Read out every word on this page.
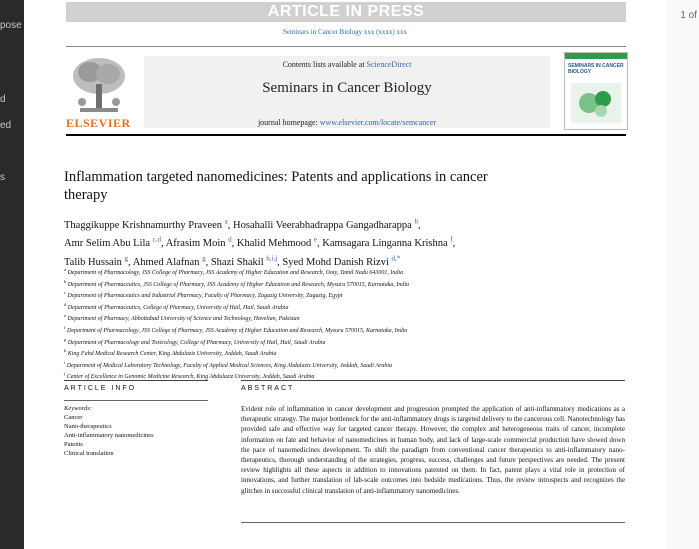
pose
d
ed
s
1 of
ARTICLE IN PRESS
Seminars in Cancer Biology xxx (xxxx) xxx
ELSEVIER
Contents lists available at ScienceDirect
Seminars in Cancer Biology
journal homepage: www.elsevier.com/locate/semcancer
SEMINARS IN CANCER BIOLOGY
Inflammation targeted nanomedicines: Patents and applications in cancer therapy
Thaggikuppe Krishnamurthy Praveen $^a$, Hosahalli Veerabhadrappa Gangadharappa $^b$,
Amr Selim Abu Lila $^{c,d}$, Afrasim Moin $^d$, Khalid Mehmood $^e$, Kamsagara Linganna Krishna $^f$,
Talib Hussain $^g$, Ahmed Alafnan $^g$, Shazi Shakil $^{h,i,j}$, Syed Mohd Danish Rizvi $^{d,*}$
$^a$ Department of Pharmacology, JSS College of Pharmacy, JSS Academy of Higher Education and Research, Ooty, Tamil Nadu 643001, India
$^b$ Department of Pharmaceutics, JSS College of Pharmacy, JSS Academy of Higher Education and Research, Mysuru 570015, Karnataka, India
$^c$ Department of Pharmaceutics and Industrial Pharmacy, Faculty of Pharmacy, Zagazig University, Zagazig, Egypt
$^d$ Department of Pharmaceutics, College of Pharmacy, University of Hail, Hail, Saudi Arabia
$^e$ Department of Pharmacy, Abbottabad University of Science and Technology, Havelian, Pakistan
$^f$ Department of Pharmacology, JSS College of Pharmacy, JSS Academy of Higher Education and Research, Mysuru 570015, Karnataka, India
$^g$ Department of Pharmacology and Toxicology, College of Pharmacy, University of Hail, Hail, Saudi Arabia
$^h$ King Fahd Medical Research Center, King Abdulaziz University, Jeddah, Saudi Arabia
$^i$ Department of Medical Laboratory Technology, Faculty of Applied Medical Sciences, King Abdulaziz University, Jeddah, Saudi Arabia
$^j$ Center of Excellence in Genomic Medicine Research, King Abdulaziz University, Jeddah, Saudi Arabia
ARTICLE INFO	ABSTRACT
Keywords:
Cancer
Nano-therapeutics
Anti-inflammatory nanomedicines
Patents
Clinical translation
Evident role of inflammation in cancer development and progression prompted the application of anti-inflammatory medications as a therapeutic strategy. The major bottleneck for the anti-inflammatory drugs is targeted delivery to the cancerous cell. Nanotechnology has provided safe and effective way for targeted cancer therapy. However, the complex and heterogeneous traits of cancer, incomplete information on fate and behavior of nanomedicines in human body, and lack of large-scale commercial production have slowed down the pace of nanomedicines development. To shift the paradigm from conventional cancer therapeutics to anti-inflammatory nano-therapeutics, thorough understanding of the strategies, progress, success, challenges and future perspectives are needed. The present review highlights all these aspects in addition to innovations patented on them. In fact, patent plays a vital role in protection of innovations, and further translation of lab-scale outcomes into bedside medications. Thus, the review introspects and recognizes the glitches in successful clinical translation of anti-inflammatory nanomedicines.
